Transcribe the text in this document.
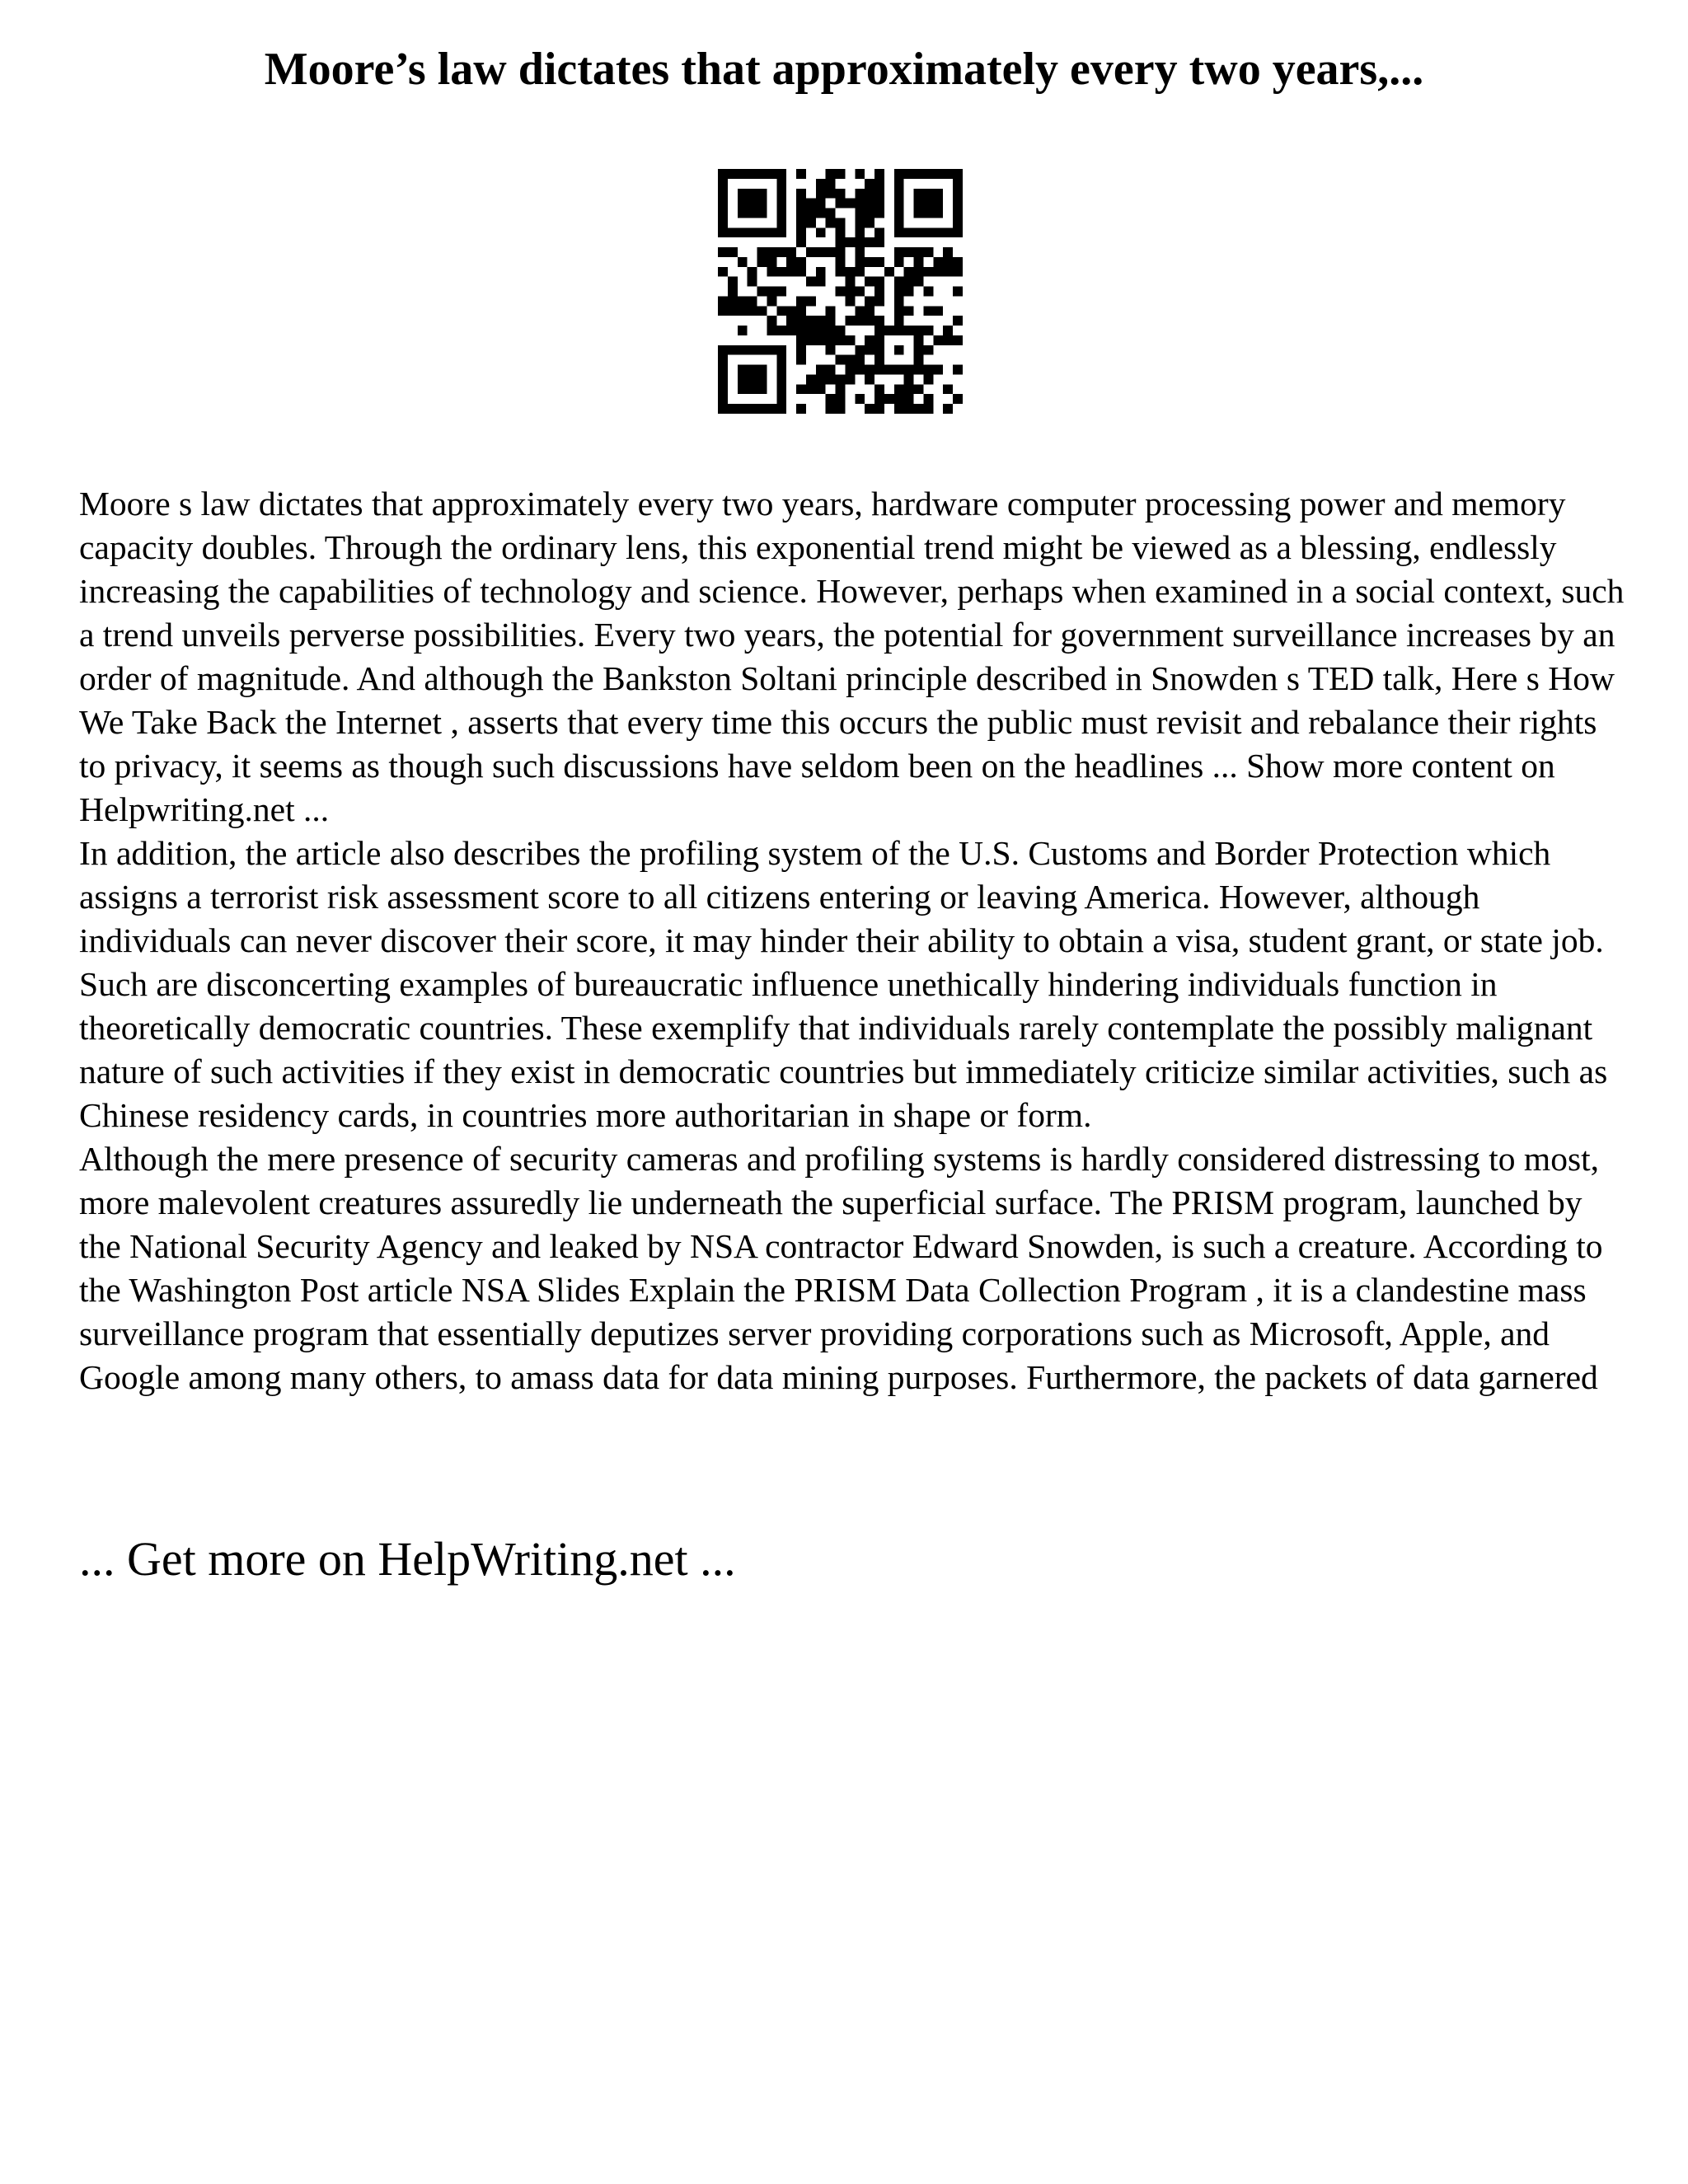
Moore’s law dictates that approximately every two years,...

Moore s law dictates that approximately every two years, hardware computer processing power and memory capacity doubles. Through the ordinary lens, this exponential trend might be viewed as a blessing, endlessly increasing the capabilities of technology and science. However, perhaps when examined in a social context, such a trend unveils perverse possibilities. Every two years, the potential for government surveillance increases by an order of magnitude. And although the Bankston Soltani principle described in Snowden s TED talk, Here s How We Take Back the Internet , asserts that every time this occurs the public must revisit and rebalance their rights to privacy, it seems as though such discussions have seldom been on the headlines ... Show more content on Helpwriting.net ...

In addition, the article also describes the profiling system of the U.S. Customs and Border Protection which assigns a terrorist risk assessment score to all citizens entering or leaving America. However, although individuals can never discover their score, it may hinder their ability to obtain a visa, student grant, or state job. Such are disconcerting examples of bureaucratic influence unethically hindering individuals function in theoretically democratic countries. These exemplify that individuals rarely contemplate the possibly malignant nature of such activities if they exist in democratic countries but immediately criticize similar activities, such as Chinese residency cards, in countries more authoritarian in shape or form.

Although the mere presence of security cameras and profiling systems is hardly considered distressing to most, more malevolent creatures assuredly lie underneath the superficial surface. The PRISM program, launched by the National Security Agency and leaked by NSA contractor Edward Snowden, is such a creature. According to the Washington Post article NSA Slides Explain the PRISM Data Collection Program , it is a clandestine mass surveillance program that essentially deputizes server providing corporations such as Microsoft, Apple, and Google among many others, to amass data for data mining purposes. Furthermore, the packets of data garnered

... Get more on HelpWriting.net ...
